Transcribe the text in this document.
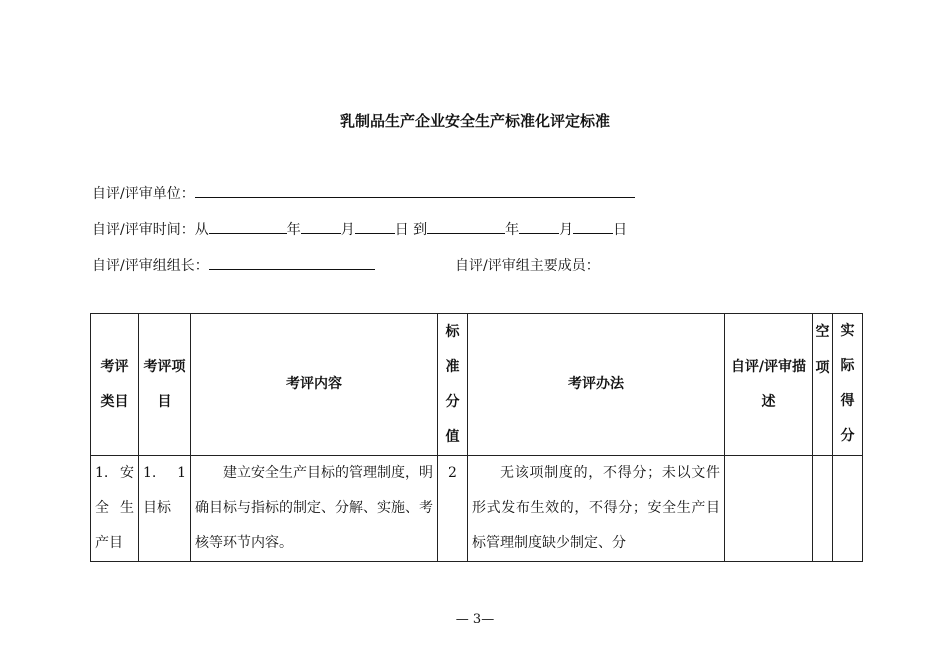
乳制品生产企业安全生产标准化评定标准
自评/评审单位：
自评/评审时间：从	年	月	日 到	年	月	日
自评/评审组组长：	自评/评审组主要成员：
考评类目	考评项目	考评内容	标准分值	考评办法	自评/评审描述	空项	实际得分
1. 安全生产目	1. 1 目标	建立安全生产目标的管理制度，明确目标与指标的制定、分解、实施、考核等环节内容。	2	无该项制度的，不得分；未以文件形式发布生效的，不得分；安全生产目标管理制度缺少制定、分			
— 3—
